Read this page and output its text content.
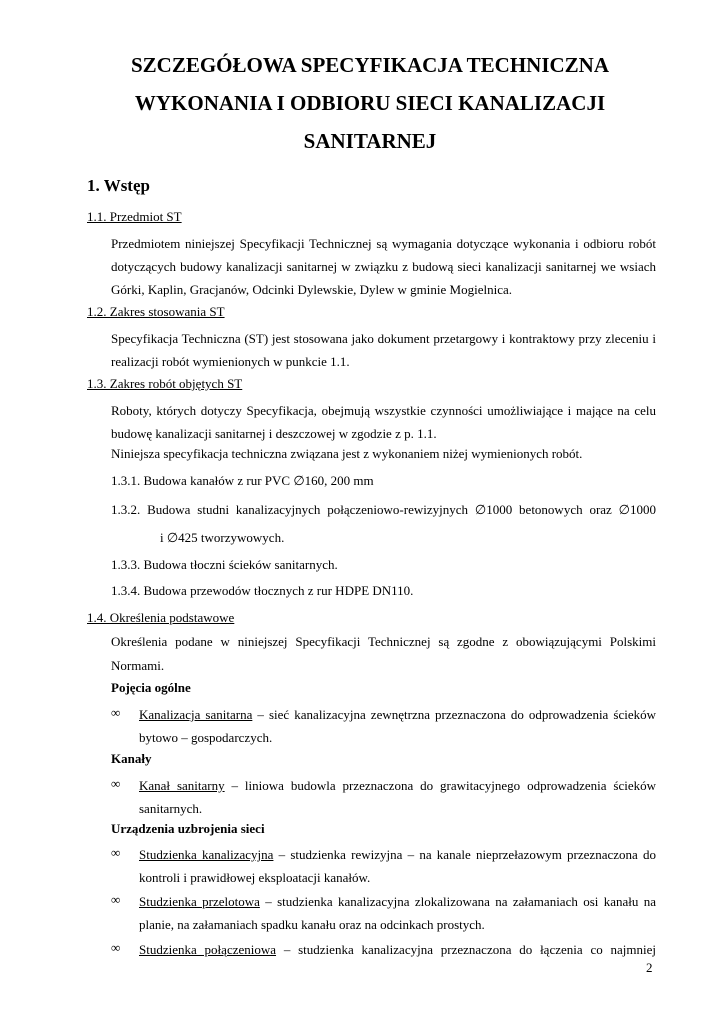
SZCZEGÓŁOWA SPECYFIKACJA TECHNICZNA
WYKONANIA I ODBIORU SIECI KANALIZACJI
SANITARNEJ
1. Wstęp
1.1. Przedmiot ST
Przedmiotem niniejszej Specyfikacji Technicznej są wymagania dotyczące wykonania i odbioru robót dotyczących budowy kanalizacji sanitarnej w związku z budową sieci kanalizacji sanitarnej we wsiach Górki, Kaplin, Gracjanów, Odcinki Dylewskie, Dylew w gminie Mogielnica.
1.2. Zakres stosowania ST
Specyfikacja Techniczna (ST) jest stosowana jako dokument przetargowy i kontraktowy przy zleceniu i realizacji robót wymienionych w punkcie 1.1.
1.3. Zakres robót objętych ST
Roboty, których dotyczy Specyfikacja, obejmują wszystkie czynności umożliwiające i mające na celu budowę kanalizacji sanitarnej i deszczowej w zgodzie z p. 1.1.
Niniejsza specyfikacja techniczna związana jest z wykonaniem niżej wymienionych robót.
1.3.1. Budowa kanałów z rur PVC ∅160, 200 mm
1.3.2. Budowa studni kanalizacyjnych połączeniowo-rewizyjnych ∅1000 betonowych oraz ∅1000
i ∅425 tworzywowych.
1.3.3. Budowa tłoczni ścieków sanitarnych.
1.3.4. Budowa przewodów tłocznych z rur HDPE DN110.
1.4. Określenia podstawowe
Określenia podane w niniejszej Specyfikacji Technicznej są zgodne z obowiązującymi Polskimi Normami.
Pojęcia ogólne
∞ Kanalizacja sanitarna – sieć kanalizacyjna zewnętrzna przeznaczona do odprowadzenia ścieków bytowo – gospodarczych.
Kanały
∞ Kanał sanitarny – liniowa budowla przeznaczona do grawitacyjnego odprowadzenia ścieków sanitarnych.
Urządzenia uzbrojenia sieci
∞ Studzienka kanalizacyjna – studzienka rewizyjna – na kanale nieprzełazowym przeznaczona do kontroli i prawidłowej eksploatacji kanałów.
∞ Studzienka przelotowa – studzienka kanalizacyjna zlokalizowana na załamaniach osi kanału na planie, na załamaniach spadku kanału oraz na odcinkach prostych.
∞ Studzienka połączeniowa – studzienka kanalizacyjna przeznaczona do łączenia co najmniej
2
